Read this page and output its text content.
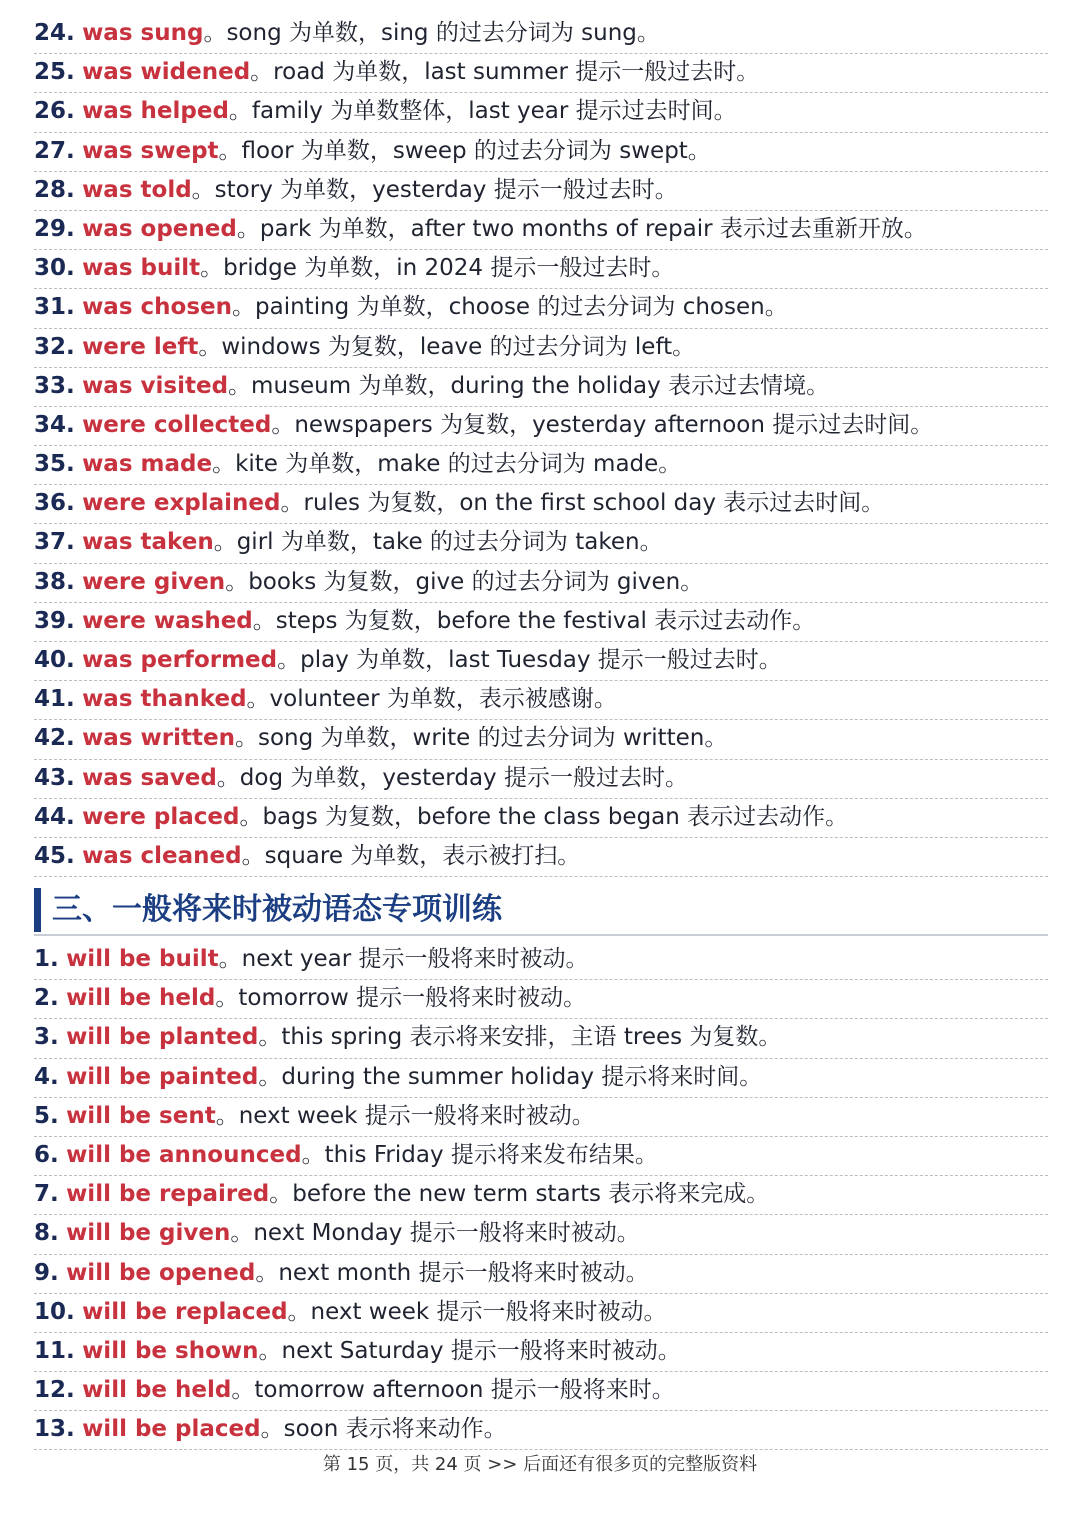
24. was sung。song 为单数，sing 的过去分词为 sung。
25. was widened。road 为单数，last summer 提示一般过去时。
26. was helped。family 为单数整体，last year 提示过去时间。
27. was swept。floor 为单数，sweep 的过去分词为 swept。
28. was told。story 为单数，yesterday 提示一般过去时。
29. was opened。park 为单数，after two months of repair 表示过去重新开放。
30. was built。bridge 为单数，in 2024 提示一般过去时。
31. was chosen。painting 为单数，choose 的过去分词为 chosen。
32. were left。windows 为复数，leave 的过去分词为 left。
33. was visited。museum 为单数，during the holiday 表示过去情境。
34. were collected。newspapers 为复数，yesterday afternoon 提示过去时间。
35. was made。kite 为单数，make 的过去分词为 made。
36. were explained。rules 为复数，on the first school day 表示过去时间。
37. was taken。girl 为单数，take 的过去分词为 taken。
38. were given。books 为复数，give 的过去分词为 given。
39. were washed。steps 为复数，before the festival 表示过去动作。
40. was performed。play 为单数，last Tuesday 提示一般过去时。
41. was thanked。volunteer 为单数，表示被感谢。
42. was written。song 为单数，write 的过去分词为 written。
43. was saved。dog 为单数，yesterday 提示一般过去时。
44. were placed。bags 为复数，before the class began 表示过去动作。
45. was cleaned。square 为单数，表示被打扫。
三、一般将来时被动语态专项训练
1. will be built。next year 提示一般将来时被动。
2. will be held。tomorrow 提示一般将来时被动。
3. will be planted。this spring 表示将来安排，主语 trees 为复数。
4. will be painted。during the summer holiday 提示将来时间。
5. will be sent。next week 提示一般将来时被动。
6. will be announced。this Friday 提示将来发布结果。
7. will be repaired。before the new term starts 表示将来完成。
8. will be given。next Monday 提示一般将来时被动。
9. will be opened。next month 提示一般将来时被动。
10. will be replaced。next week 提示一般将来时被动。
11. will be shown。next Saturday 提示一般将来时被动。
12. will be held。tomorrow afternoon 提示一般将来时。
13. will be placed。soon 表示将来动作。
第 15 页，共 24 页 >> 后面还有很多页的完整版资料
